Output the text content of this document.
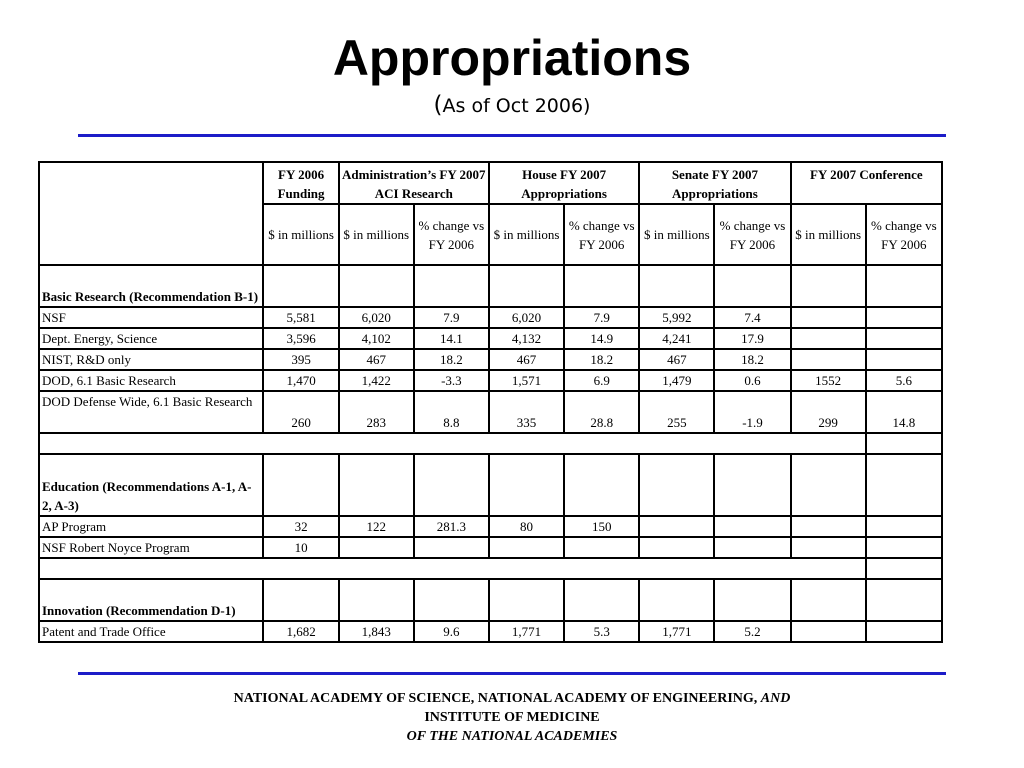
Appropriations
(As of Oct 2006)
	FY 2006 Funding	Administration’s FY 2007 ACI Research		House FY 2007 Appropriations		Senate FY 2007 Appropriations		FY 2007 Conference	
	$ in millions	$ in millions	% change vs FY 2006	$ in millions	% change vs FY 2006	$ in millions	% change vs FY 2006	$ in millions	% change vs FY 2006
Basic Research (Recommendation B-1)									
NSF	5,581	6,020	7.9	6,020	7.9	5,992	7.4		
Dept. Energy, Science	3,596	4,102	14.1	4,132	14.9	4,241	17.9		
NIST, R&D only	395	467	18.2	467	18.2	467	18.2		
DOD, 6.1 Basic Research	1,470	1,422	-3.3	1,571	6.9	1,479	0.6	1552	5.6
DOD Defense Wide, 6.1 Basic Research	260	283	8.8	335	28.8	255	-1.9	299	14.8

Education (Recommendations A-1, A-2, A-3)									
AP Program	32	122	281.3	80	150				
NSF Robert Noyce Program	10								

Innovation (Recommendation D-1)									
Patent and Trade Office	1,682	1,843	9.6	1,771	5.3	1,771	5.2		
NATIONAL ACADEMY OF SCIENCE, NATIONAL ACADEMY OF ENGINEERING, AND
INSTITUTE OF MEDICINE
OF THE NATIONAL ACADEMIES
